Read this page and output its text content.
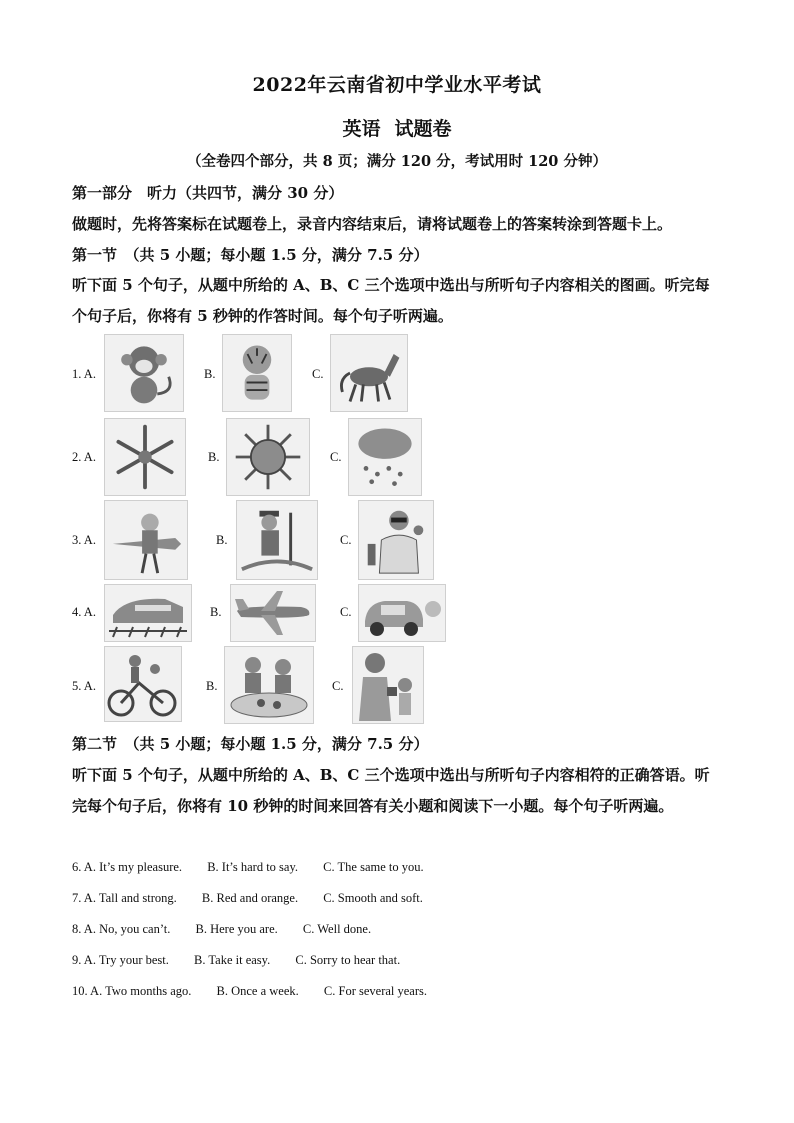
2022年云南省初中学业水平考试
英语 试题卷
（全卷四个部分，共 8 页；满分 120 分，考试用时 120 分钟）
第一部分　听力（共四节，满分 30 分）
做题时，先将答案标在试题卷上，录音内容结束后，请将试题卷上的答案转涂到答题卡上。
第一节　（共 5 小题；每小题 1.5 分，满分 7.5 分）
听下面 5 个句子，从题中所给的 A、B、C 三个选项中选出与所听句子内容相关的图画。听完每个句子后，你将有 5 秒钟的作答时间。每个句子听两遍。
1. A.	B.	C.
2. A.	B.	C.
3. A.	B.	C.
4. A.	B.	C.
5. A.	B.	C.
第二节　（共 5 小题；每小题 1.5 分，满分 7.5 分）
听下面 5 个句子，从题中所给的 A、B、C 三个选项中选出与所听句子内容相符的正确答语。听完每个句子后，你将有 10 秒钟的时间来回答有关小题和阅读下一小题。每个句子听两遍。
6. A. It’s my pleasure. B. It’s hard to say. C. The same to you.
7. A. Tall and strong. B. Red and orange. C. Smooth and soft.
8. A. No, you can’t. B. Here you are. C. Well done.
9. A. Try your best. B. Take it easy. C. Sorry to hear that.
10. A. Two months ago. B. Once a week. C. For several years.
